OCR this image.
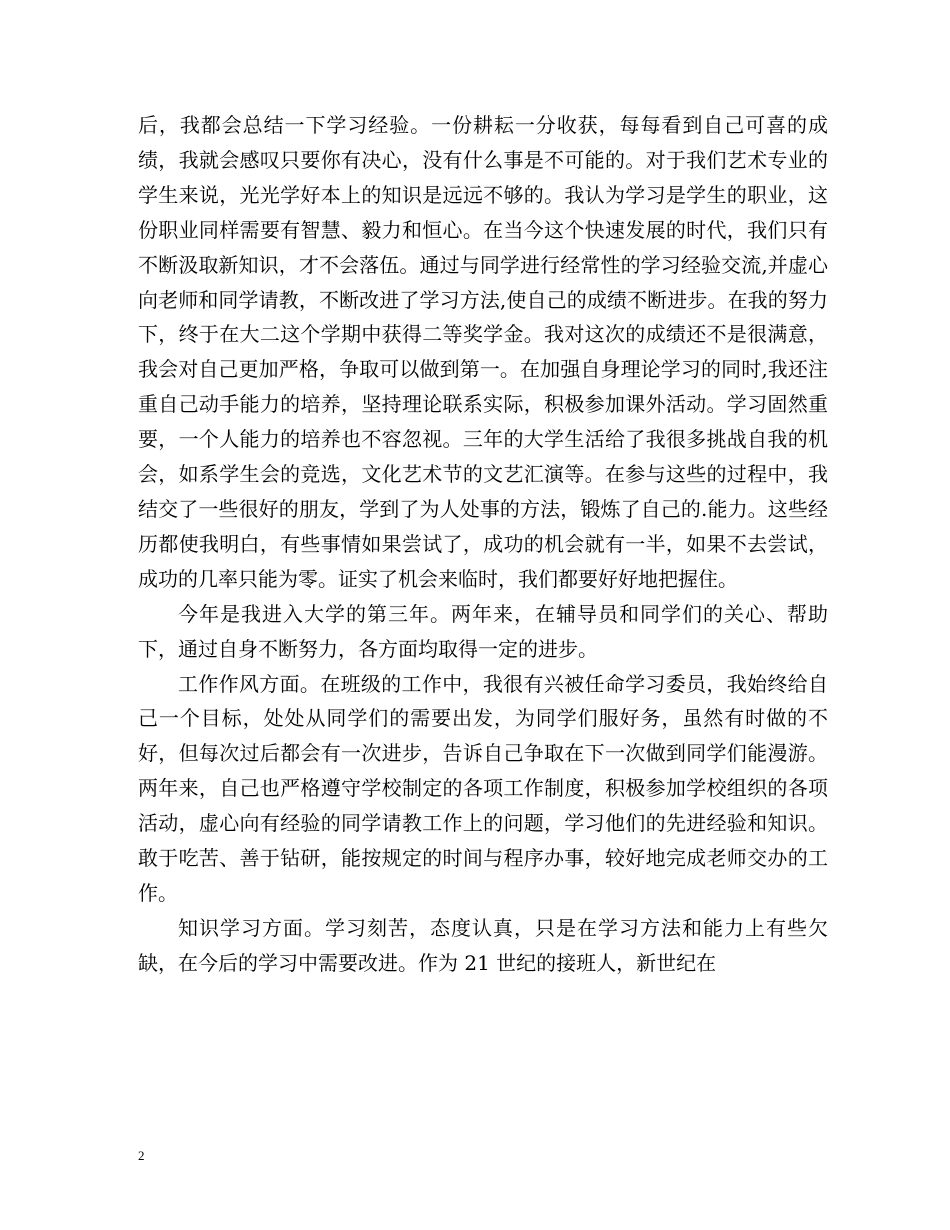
后，我都会总结一下学习经验。一份耕耘一分收获，每每看到自己可喜的成绩，我就会感叹只要你有决心，没有什么事是不可能的。对于我们艺术专业的学生来说，光光学好本上的知识是远远不够的。我认为学习是学生的职业，这份职业同样需要有智慧、毅力和恒心。在当今这个快速发展的时代，我们只有不断汲取新知识，才不会落伍。通过与同学进行经常性的学习经验交流,并虚心向老师和同学请教，不断改进了学习方法,使自己的成绩不断进步。在我的努力下，终于在大二这个学期中获得二等奖学金。我对这次的成绩还不是很满意，我会对自己更加严格，争取可以做到第一。在加强自身理论学习的同时,我还注重自己动手能力的培养，坚持理论联系实际，积极参加课外活动。学习固然重要，一个人能力的培养也不容忽视。三年的大学生活给了我很多挑战自我的机会，如系学生会的竞选，文化艺术节的文艺汇演等。在参与这些的过程中，我结交了一些很好的朋友，学到了为人处事的方法，锻炼了自己的.能力。这些经历都使我明白，有些事情如果尝试了，成功的机会就有一半，如果不去尝试，成功的几率只能为零。证实了机会来临时，我们都要好好地把握住。

今年是我进入大学的第三年。两年来，在辅导员和同学们的关心、帮助下，通过自身不断努力，各方面均取得一定的进步。

工作作风方面。在班级的工作中，我很有兴被任命学习委员，我始终给自己一个目标，处处从同学们的需要出发，为同学们服好务，虽然有时做的不好，但每次过后都会有一次进步，告诉自己争取在下一次做到同学们能漫游。两年来，自己也严格遵守学校制定的各项工作制度，积极参加学校组织的各项活动，虚心向有经验的同学请教工作上的问题，学习他们的先进经验和知识。敢于吃苦、善于钻研，能按规定的时间与程序办事，较好地完成老师交办的工作。

知识学习方面。学习刻苦，态度认真，只是在学习方法和能力上有些欠缺，在今后的学习中需要改进。作为 21 世纪的接班人，新世纪在

2
